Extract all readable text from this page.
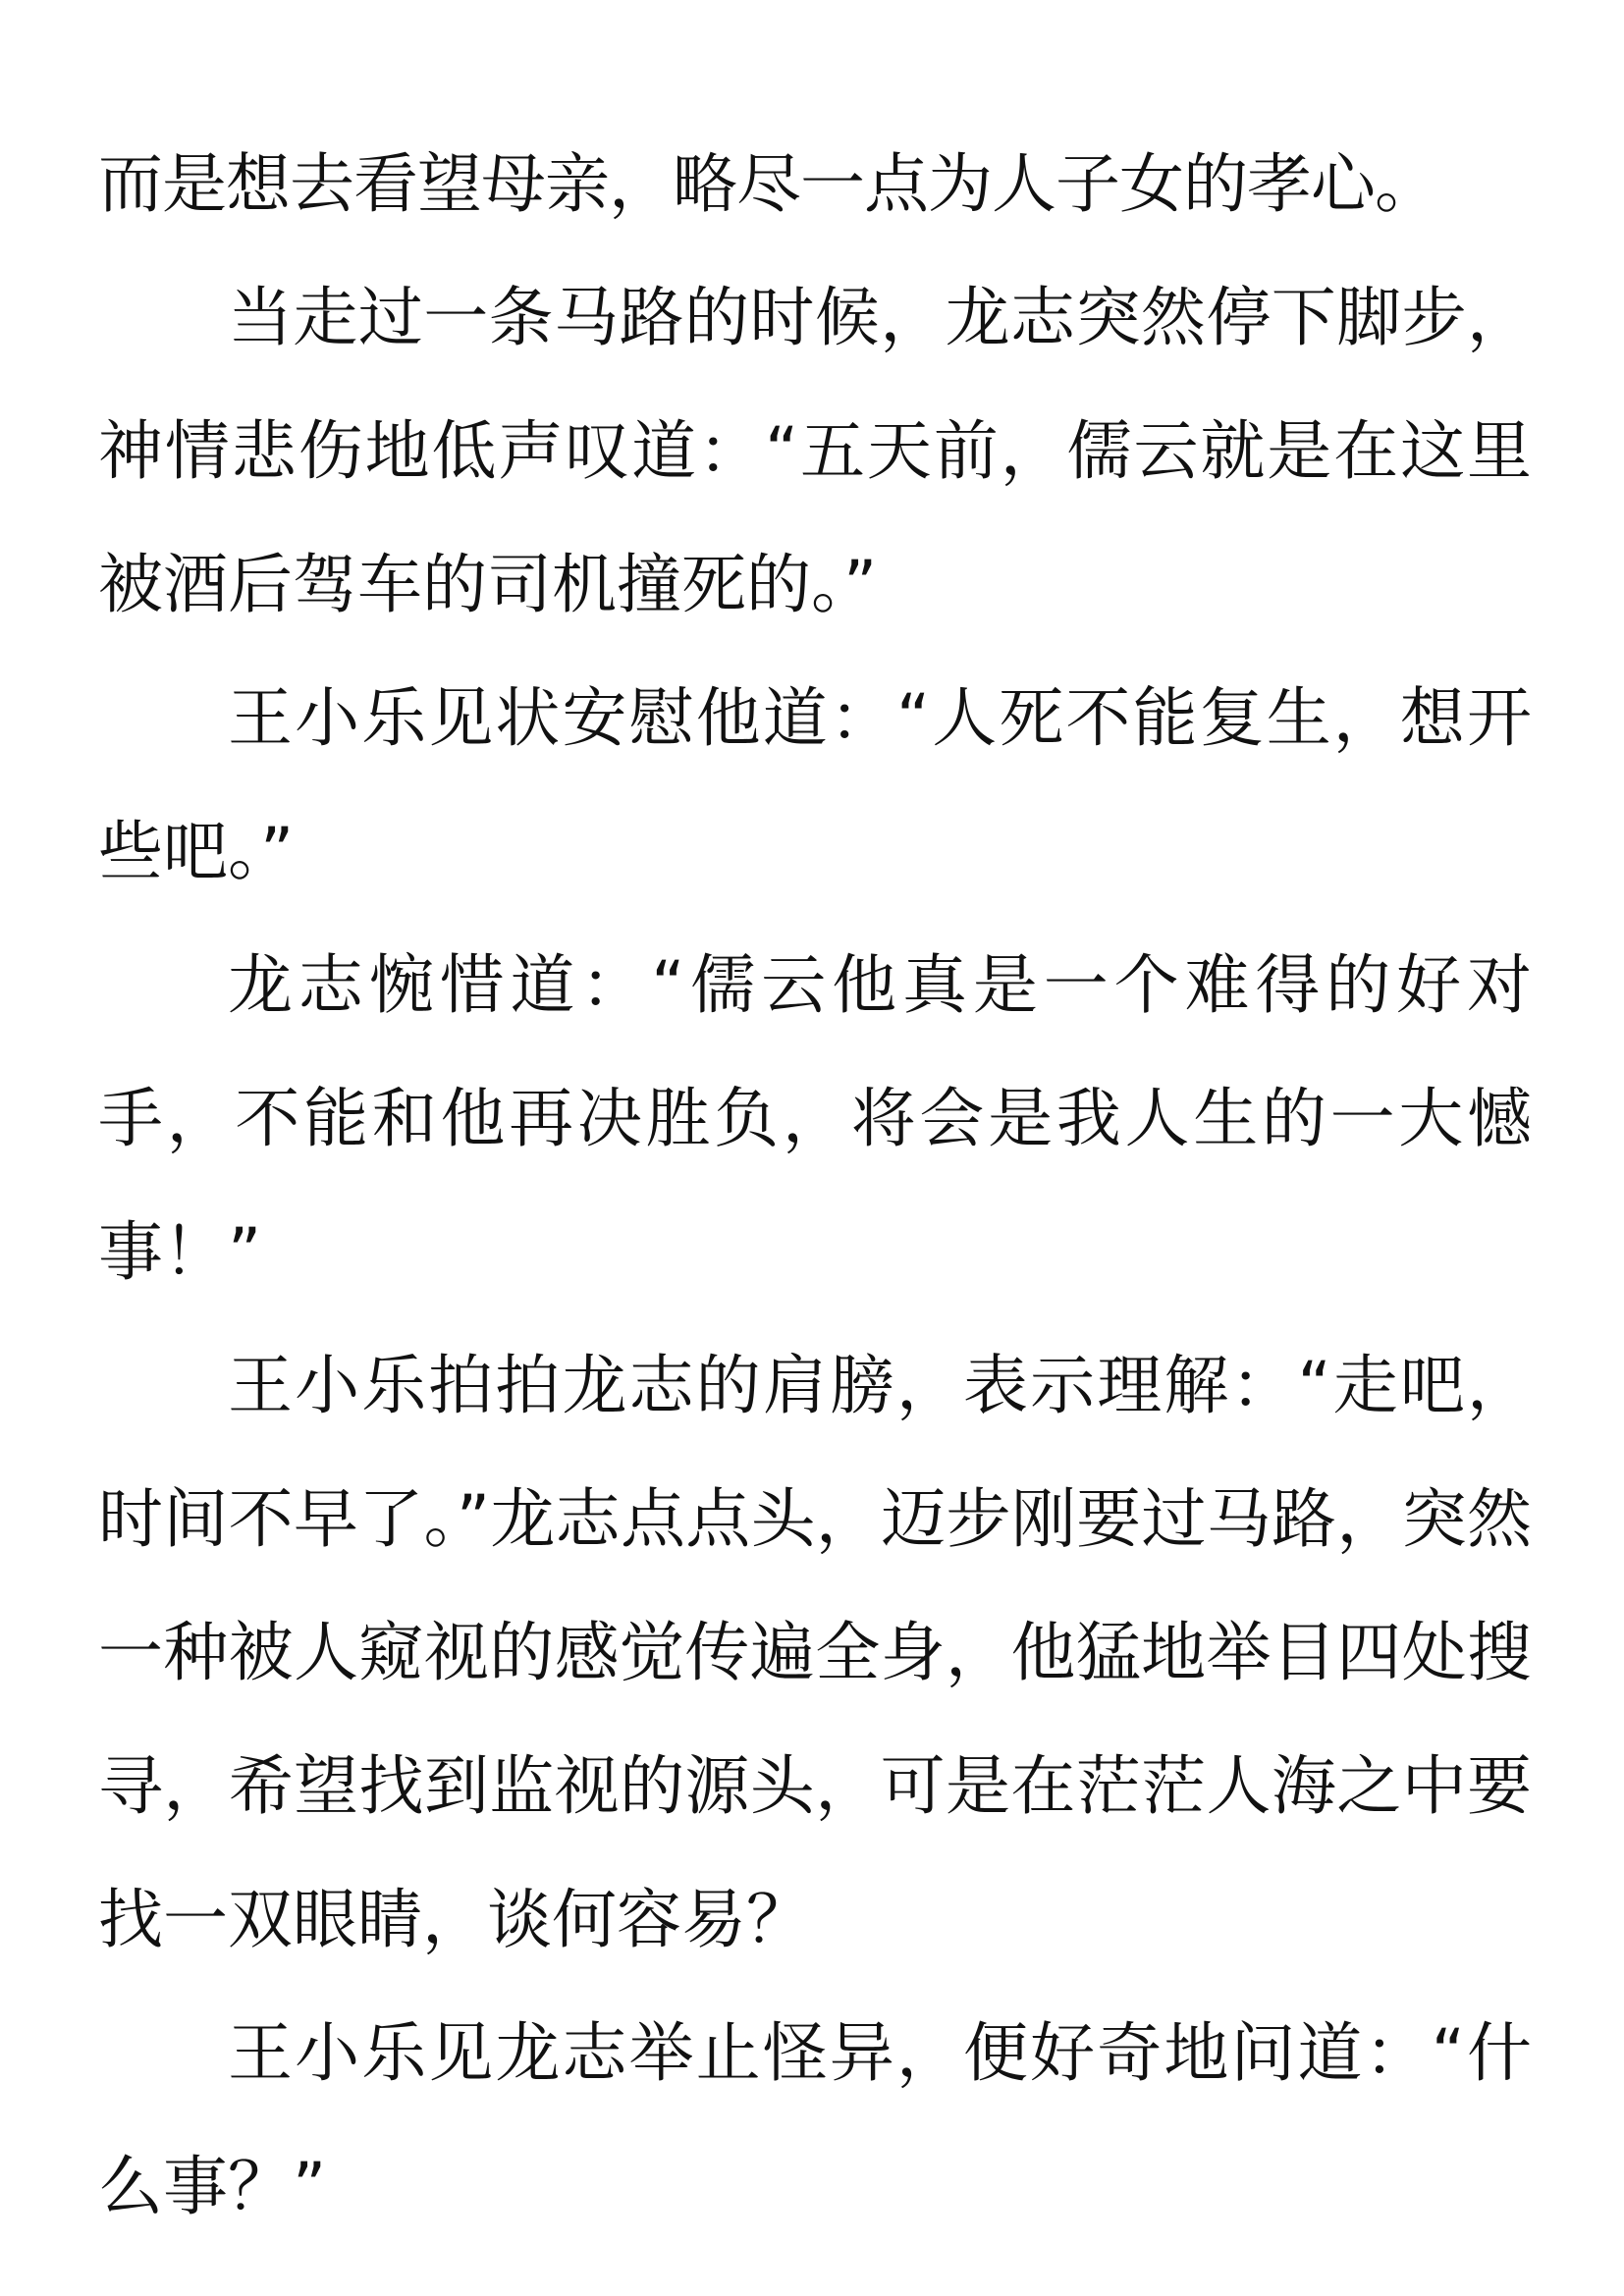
而是想去看望母亲，略尽一点为人子女的孝心。

当走过一条马路的时候，龙志突然停下脚步，神情悲伤地低声叹道：“五天前，儒云就是在这里被酒后驾车的司机撞死的。”

王小乐见状安慰他道：“人死不能复生，想开些吧。”

龙志惋惜道：“儒云他真是一个难得的好对手，不能和他再决胜负，将会是我人生的一大憾事！”

王小乐拍拍龙志的肩膀，表示理解：“走吧，时间不早了。”龙志点点头，迈步刚要过马路，突然一种被人窥视的感觉传遍全身，他猛地举目四处搜寻，希望找到监视的源头，可是在茫茫人海之中要找一双眼睛，谈何容易？

王小乐见龙志举止怪异，便好奇地问道：“什么事？”
